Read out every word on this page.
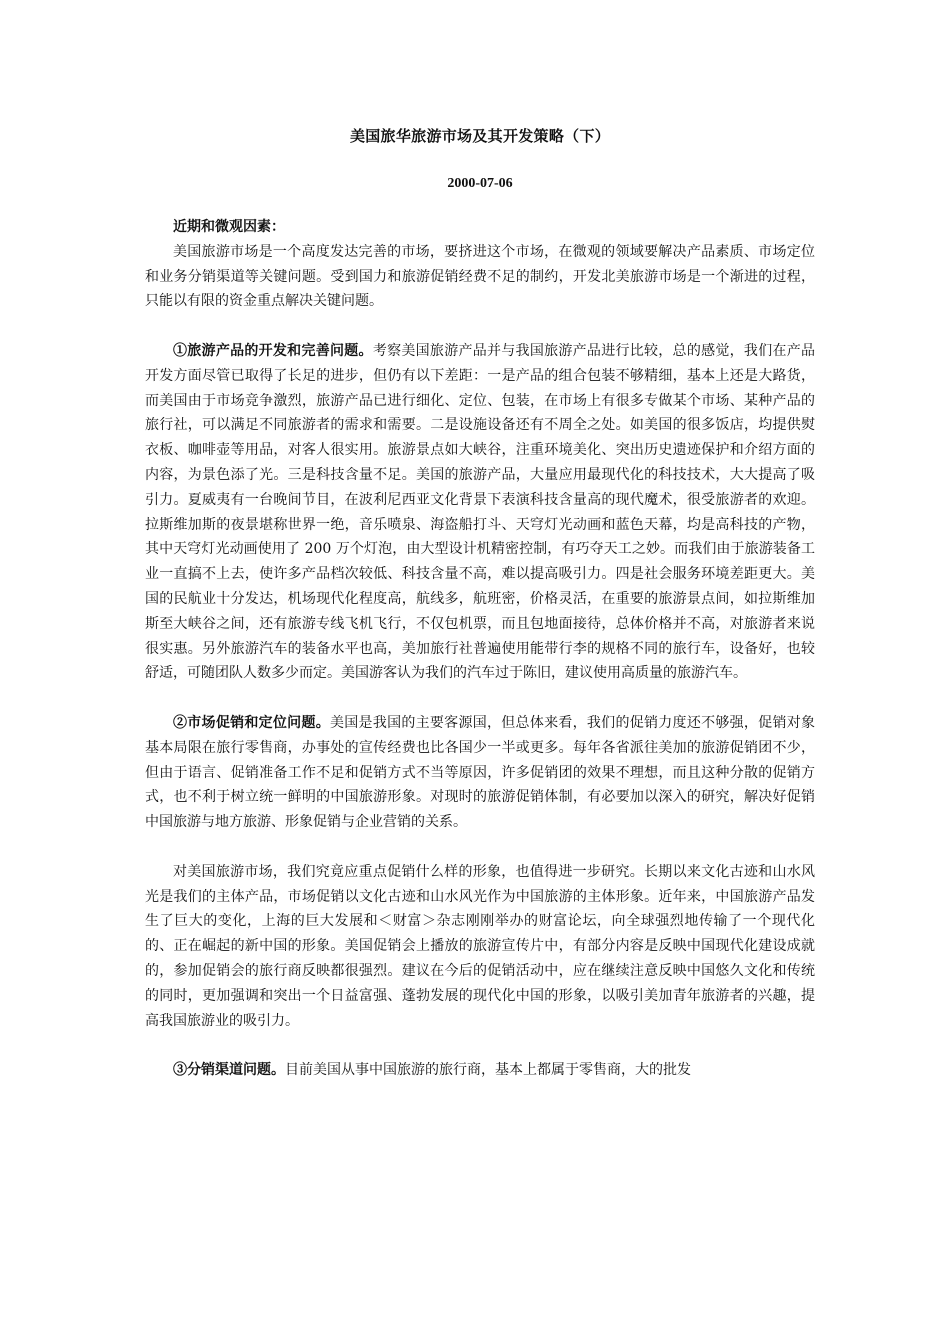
美国旅华旅游市场及其开发策略（下）

2000-07-06

近期和微观因素：

美国旅游市场是一个高度发达完善的市场，要挤进这个市场，在微观的领域要解决产品素质、市场定位和业务分销渠道等关键问题。受到国力和旅游促销经费不足的制约，开发北美旅游市场是一个渐进的过程，只能以有限的资金重点解决关键问题。

①旅游产品的开发和完善问题。考察美国旅游产品并与我国旅游产品进行比较，总的感觉，我们在产品开发方面尽管已取得了长足的进步，但仍有以下差距：一是产品的组合包装不够精细，基本上还是大路货，而美国由于市场竞争激烈，旅游产品已进行细化、定位、包装，在市场上有很多专做某个市场、某种产品的旅行社，可以满足不同旅游者的需求和需要。二是设施设备还有不周全之处。如美国的很多饭店，均提供熨衣板、咖啡壶等用品，对客人很实用。旅游景点如大峡谷，注重环境美化、突出历史遗迹保护和介绍方面的内容，为景色添了光。三是科技含量不足。美国的旅游产品，大量应用最现代化的科技技术，大大提高了吸引力。夏威夷有一台晚间节目，在波利尼西亚文化背景下表演科技含量高的现代魔术，很受旅游者的欢迎。拉斯维加斯的夜景堪称世界一绝，音乐喷泉、海盗船打斗、天穹灯光动画和蓝色天幕，均是高科技的产物，其中天穹灯光动画使用了 200 万个灯泡，由大型设计机精密控制，有巧夺天工之妙。而我们由于旅游装备工业一直搞不上去，使许多产品档次较低、科技含量不高，难以提高吸引力。四是社会服务环境差距更大。美国的民航业十分发达，机场现代化程度高，航线多，航班密，价格灵活，在重要的旅游景点间，如拉斯维加斯至大峡谷之间，还有旅游专线飞机飞行，不仅包机票，而且包地面接待，总体价格并不高，对旅游者来说很实惠。另外旅游汽车的装备水平也高，美加旅行社普遍使用能带行李的规格不同的旅行车，设备好，也较舒适，可随团队人数多少而定。美国游客认为我们的汽车过于陈旧，建议使用高质量的旅游汽车。

②市场促销和定位问题。美国是我国的主要客源国，但总体来看，我们的促销力度还不够强，促销对象基本局限在旅行零售商，办事处的宣传经费也比各国少一半或更多。每年各省派往美加的旅游促销团不少，但由于语言、促销准备工作不足和促销方式不当等原因，许多促销团的效果不理想，而且这种分散的促销方式，也不利于树立统一鲜明的中国旅游形象。对现时的旅游促销体制，有必要加以深入的研究，解决好促销中国旅游与地方旅游、形象促销与企业营销的关系。

对美国旅游市场，我们究竟应重点促销什么样的形象，也值得进一步研究。长期以来文化古迹和山水风光是我们的主体产品，市场促销以文化古迹和山水风光作为中国旅游的主体形象。近年来，中国旅游产品发生了巨大的变化，上海的巨大发展和＜财富＞杂志刚刚举办的财富论坛，向全球强烈地传输了一个现代化的、正在崛起的新中国的形象。美国促销会上播放的旅游宣传片中，有部分内容是反映中国现代化建设成就的，参加促销会的旅行商反映都很强烈。建议在今后的促销活动中，应在继续注意反映中国悠久文化和传统的同时，更加强调和突出一个日益富强、蓬勃发展的现代化中国的形象，以吸引美加青年旅游者的兴趣，提高我国旅游业的吸引力。

③分销渠道问题。目前美国从事中国旅游的旅行商，基本上都属于零售商，大的批发
